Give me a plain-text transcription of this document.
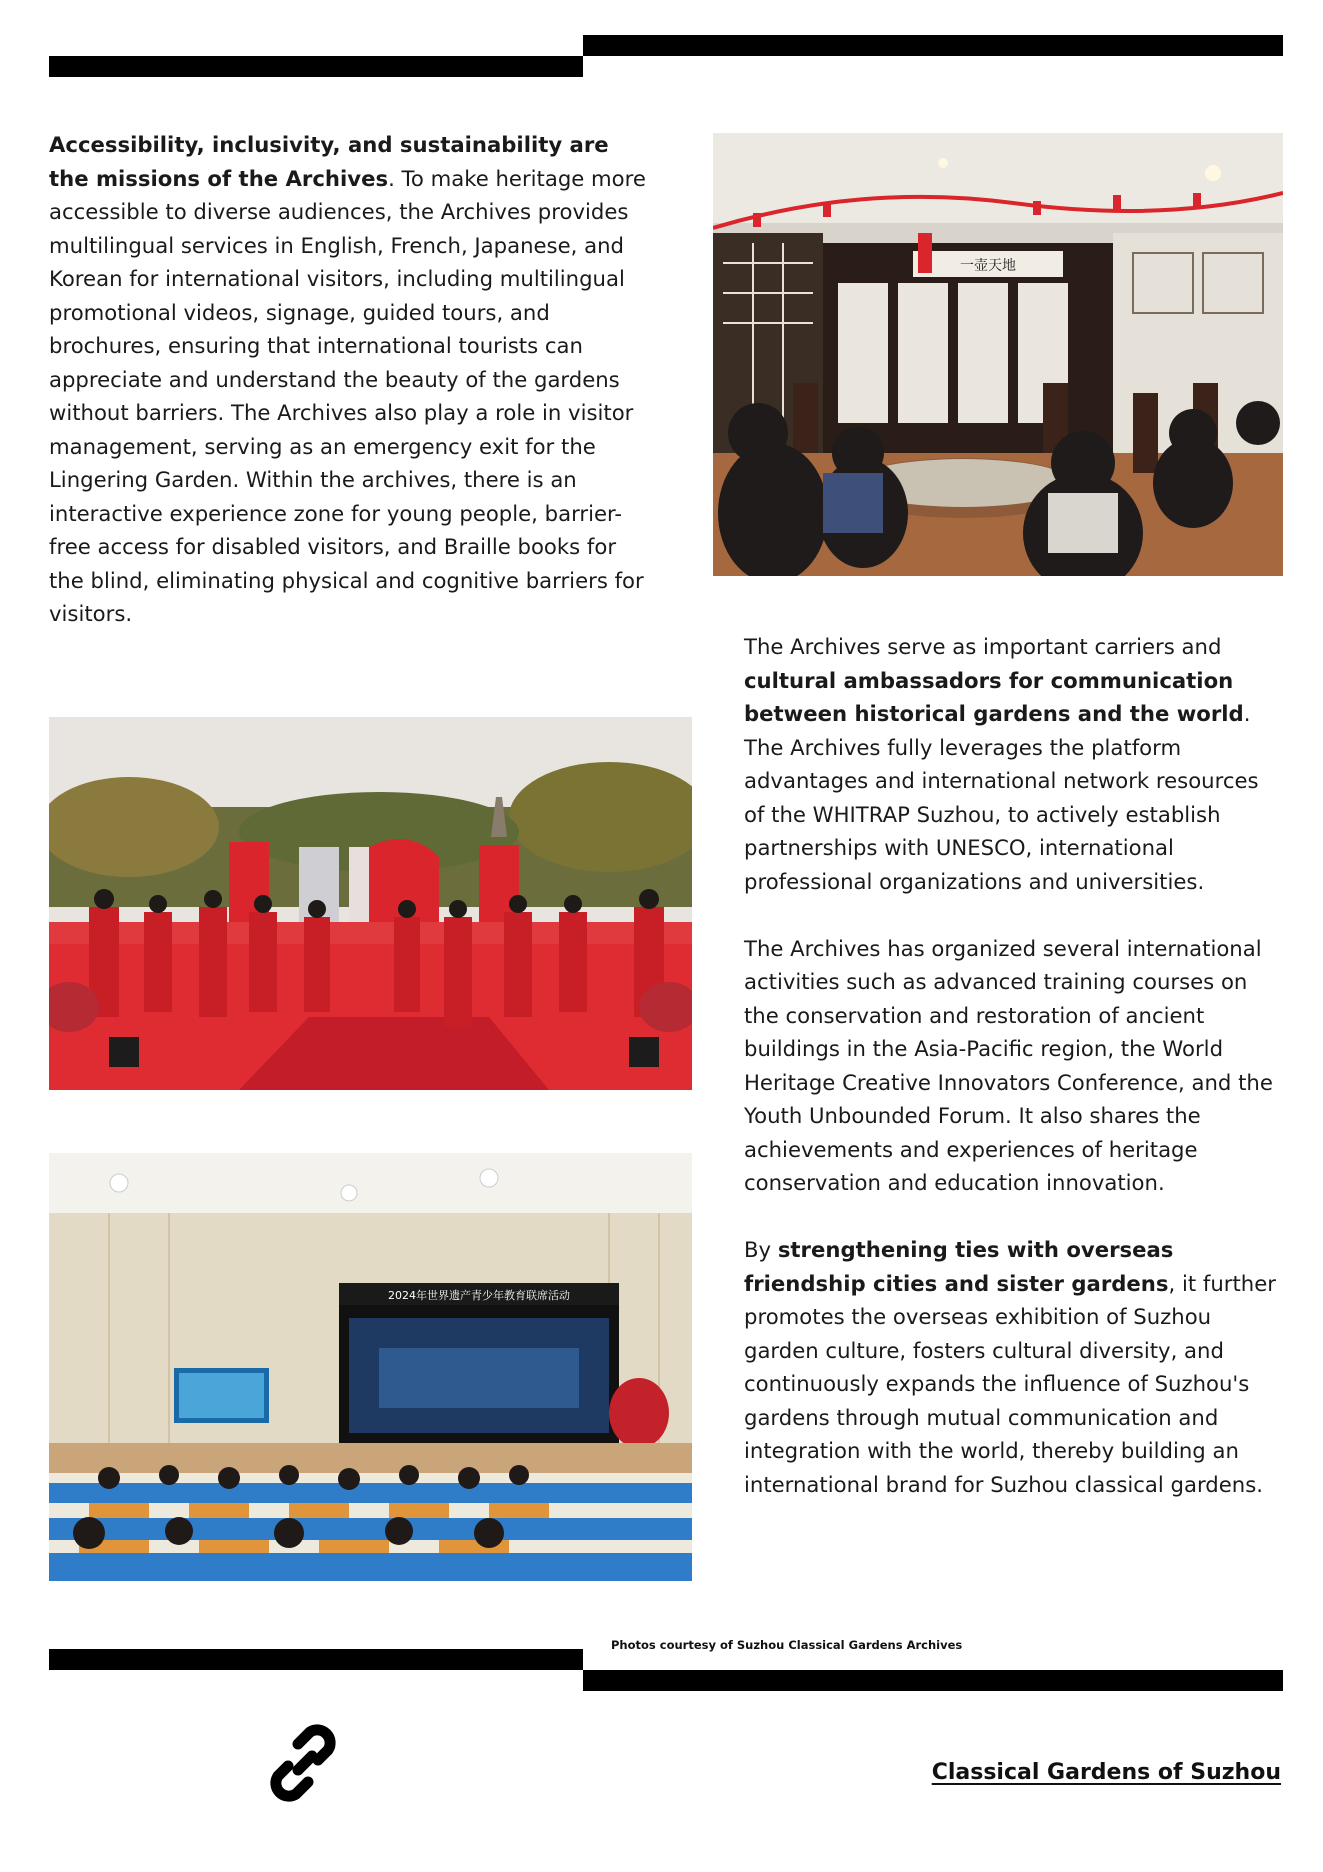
Accessibility, inclusivity, and sustainability are the missions of the Archives. To make heritage more accessible to diverse audiences, the Archives provides multilingual services in English, French, Japanese, and Korean for international visitors, including multilingual promotional videos, signage, guided tours, and brochures, ensuring that international tourists can appreciate and understand the beauty of the gardens without barriers. The Archives also play a role in visitor management, serving as an emergency exit for the Lingering Garden. Within the archives, there is an interactive experience zone for young people, barrier-free access for disabled visitors, and Braille books for the blind, eliminating physical and cognitive barriers for visitors.
一壶天地

The Archives serve as important carriers and cultural ambassadors for communication between historical gardens and the world. The Archives fully leverages the platform advantages and international network resources of the WHITRAP Suzhou, to actively establish partnerships with UNESCO, international professional organizations and universities.

The Archives has organized several international activities such as advanced training courses on the conservation and restoration of ancient buildings in the Asia-Pacific region, the World Heritage Creative Innovators Conference, and the Youth Unbounded Forum. It also shares the achievements and experiences of heritage conservation and education innovation.

By strengthening ties with overseas friendship cities and sister gardens, it further promotes the overseas exhibition of Suzhou garden culture, fosters cultural diversity, and continuously expands the influence of Suzhou's gardens through mutual communication and integration with the world, thereby building an international brand for Suzhou classical gardens.

2024年世界遗产青少年教育联席活动
Photos courtesy of Suzhou Classical Gardens Archives
Classical Gardens of Suzhou
